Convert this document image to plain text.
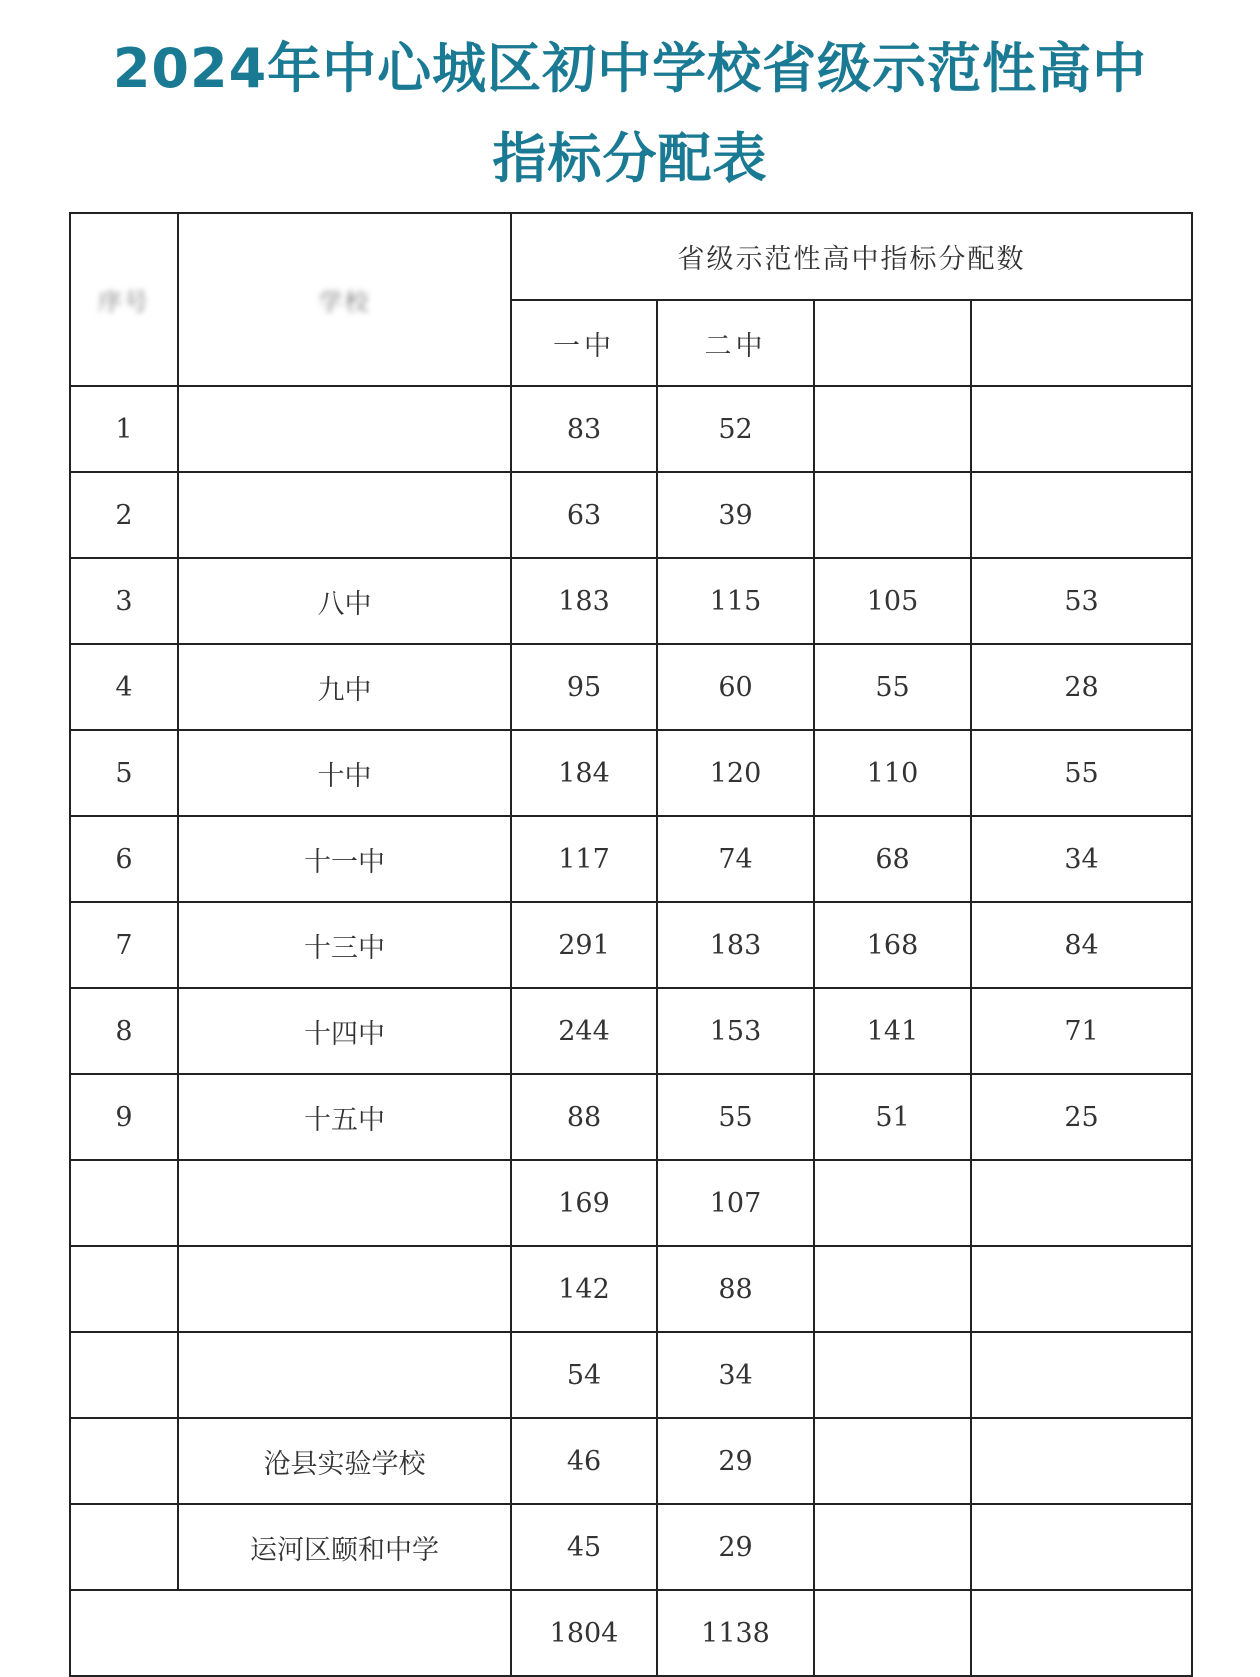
2024年中心城区初中学校省级示范性高中
指标分配表
序号	学校	省级示范性高中指标分配数			
		一中	二中		
1		83	52		
2		63	39		
3	八中	183	115	105	53
4	九中	95	60	55	28
5	十中	184	120	110	55
6	十一中	117	74	68	34
7	十三中	291	183	168	84
8	十四中	244	153	141	71
9	十五中	88	55	51	25
		169	107		
		142	88		
		54	34		
	沧县实验学校	46	29		
	运河区颐和中学	45	29		
		1804	1138		
